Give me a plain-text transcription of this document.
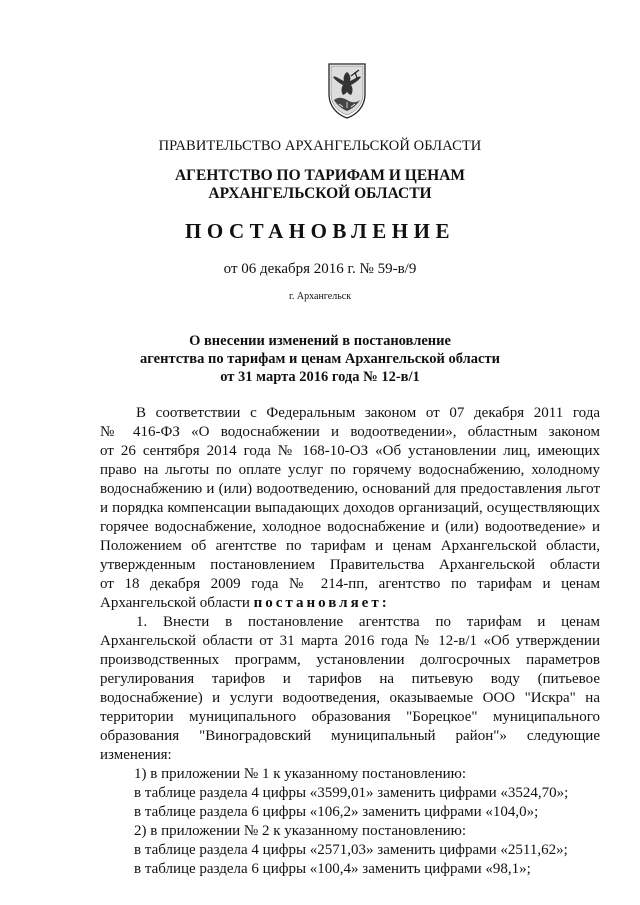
ПРАВИТЕЛЬСТВО АРХАНГЕЛЬСКОЙ ОБЛАСТИ
АГЕНТСТВО ПО ТАРИФАМ И ЦЕНАМ
АРХАНГЕЛЬСКОЙ ОБЛАСТИ
ПОСТАНОВЛЕНИЕ
от 06 декабря 2016 г. № 59-в/9
г. Архангельск
О внесении изменений в постановление
агентства по тарифам и ценам Архангельской области
от 31 марта 2016 года № 12-в/1
В соответствии с Федеральным законом от 07 декабря 2011 года
№ 416-ФЗ «О водоснабжении и водоотведении», областным законом
от 26 сентября 2014 года № 168-10-ОЗ «Об установлении лиц, имеющих
право на льготы по оплате услуг по горячему водоснабжению, холодному
водоснабжению и (или) водоотведению, оснований для предоставления льгот
и порядка компенсации выпадающих доходов организаций, осуществляющих
горячее водоснабжение, холодное водоснабжение и (или) водоотведение» и
Положением об агентстве по тарифам и ценам Архангельской области,
утвержденным постановлением Правительства Архангельской области
от 18 декабря 2009 года № 214-пп, агентство по тарифам и ценам
Архангельской области постановляет:
1. Внести в постановление агентства по тарифам и ценам
Архангельской области от 31 марта 2016 года № 12-в/1 «Об утверждении
производственных программ, установлении долгосрочных параметров
регулирования тарифов и тарифов на питьевую воду (питьевое
водоснабжение) и услуги водоотведения, оказываемые ООО "Искра" на
территории муниципального образования "Борецкое" муниципального
образования "Виноградовский муниципальный район"» следующие
изменения:
1) в приложении № 1 к указанному постановлению:
в таблице раздела 4 цифры «3599,01» заменить цифрами «3524,70»;
в таблице раздела 6 цифры «106,2» заменить цифрами «104,0»;
2) в приложении № 2 к указанному постановлению:
в таблице раздела 4 цифры «2571,03» заменить цифрами «2511,62»;
в таблице раздела 6 цифры «100,4» заменить цифрами «98,1»;
